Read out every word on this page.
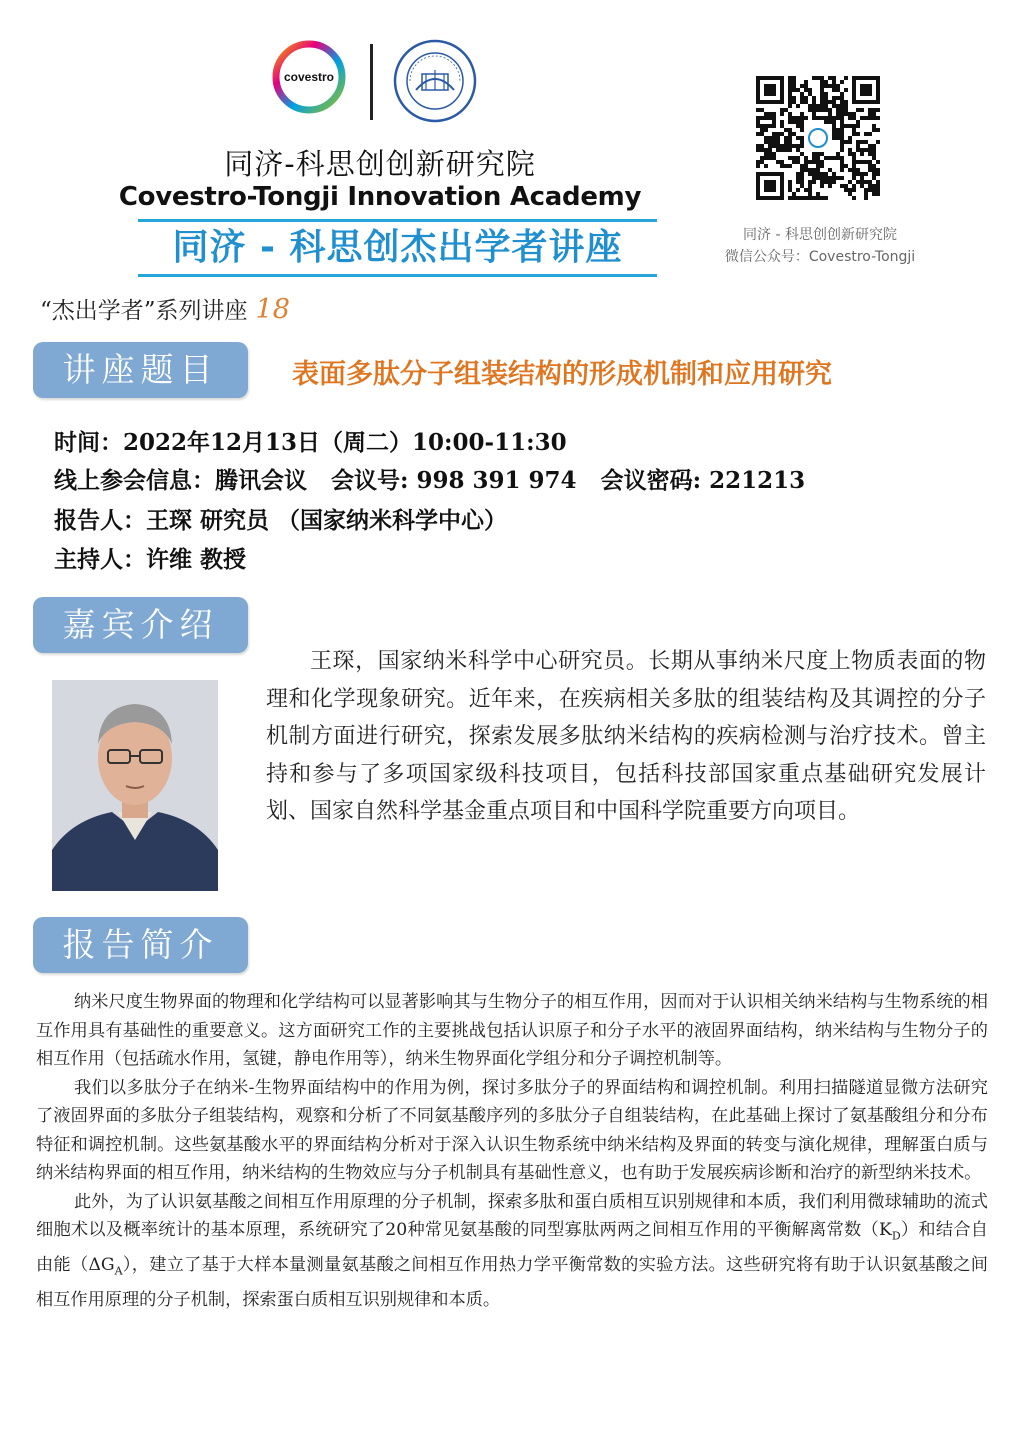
covestro
同济-科思创创新研究院
Covestro-Tongji Innovation Academy
同济 - 科思创杰出学者讲座	同济 - 科思创创新研究院
微信公众号：Covestro-Tongji
“杰出学者”系列讲座 18
讲座题目	表面多肽分子组装结构的形成机制和应用研究
时间：2022年12月13日（周二）10:00-11:30
线上参会信息：腾讯会议   会议号: 998 391 974   会议密码: 221213
报告人：王琛 研究员 （国家纳米科学中心）
主持人：许维 教授
嘉宾介绍
王琛，国家纳米科学中心研究员。长期从事纳米尺度上物质表面的物理和化学现象研究。近年来，在疾病相关多肽的组装结构及其调控的分子机制方面进行研究，探索发展多肽纳米结构的疾病检测与治疗技术。曾主持和参与了多项国家级科技项目，包括科技部国家重点基础研究发展计划、国家自然科学基金重点项目和中国科学院重要方向项目。
报告简介

纳米尺度生物界面的物理和化学结构可以显著影响其与生物分子的相互作用，因而对于认识相关纳米结构与生物系统的相互作用具有基础性的重要意义。这方面研究工作的主要挑战包括认识原子和分子水平的液固界面结构，纳米结构与生物分子的相互作用（包括疏水作用，氢键，静电作用等），纳米生物界面化学组分和分子调控机制等。

我们以多肽分子在纳米-生物界面结构中的作用为例，探讨多肽分子的界面结构和调控机制。利用扫描隧道显微方法研究了液固界面的多肽分子组装结构，观察和分析了不同氨基酸序列的多肽分子自组装结构，在此基础上探讨了氨基酸组分和分布特征和调控机制。这些氨基酸水平的界面结构分析对于深入认识生物系统中纳米结构及界面的转变与演化规律，理解蛋白质与纳米结构界面的相互作用，纳米结构的生物效应与分子机制具有基础性意义，也有助于发展疾病诊断和治疗的新型纳米技术。

此外，为了认识氨基酸之间相互作用原理的分子机制，探索多肽和蛋白质相互识别规律和本质，我们利用微球辅助的流式细胞术以及概率统计的基本原理，系统研究了20种常见氨基酸的同型寡肽两两之间相互作用的平衡解离常数$(K_D)$和结合自由能$(\Delta G_A)$，建立了基于大样本量测量氨基酸之间相互作用热力学平衡常数的实验方法。这些研究将有助于认识氨基酸之间相互作用原理的分子机制，探索蛋白质相互识别规律和本质。
